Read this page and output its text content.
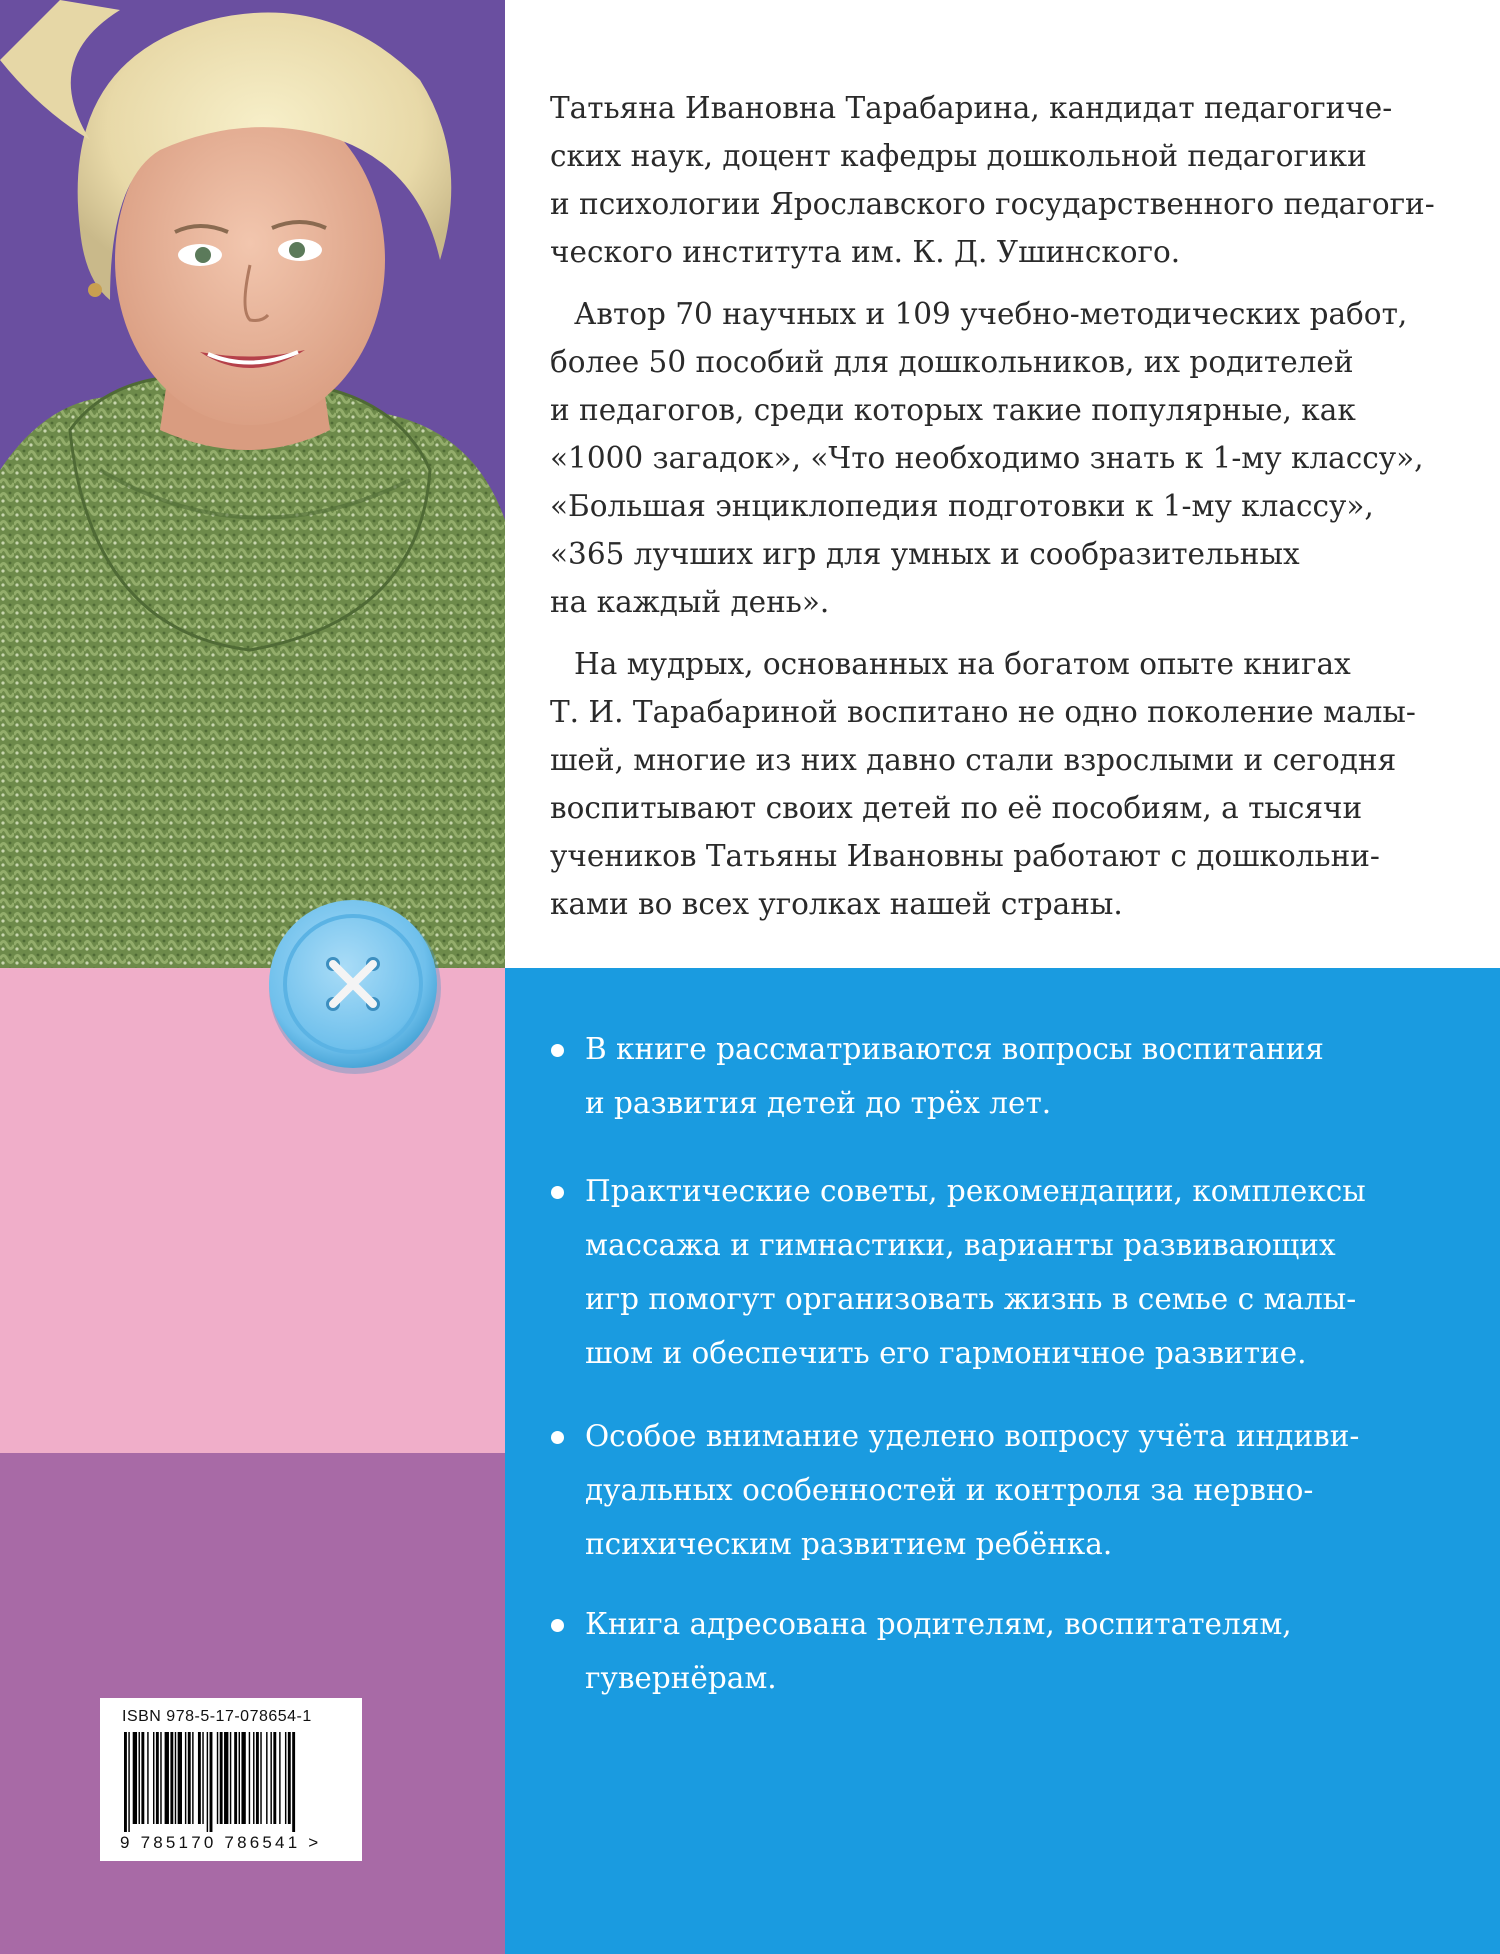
Татьяна Ивановна Тарабарина, кандидат педагогиче-
ских наук, доцент кафедры дошкольной педагогики
и психологии Ярославского государственного педагоги-
ческого института им. К. Д. Ушинского.

Автор 70 научных и 109 учебно-методических работ,
более 50 пособий для дошкольников, их родителей
и педагогов, среди которых такие популярные, как
«1000 загадок», «Что необходимо знать к 1-му классу»,
«Большая энциклопедия подготовки к 1-му классу»,
«365 лучших игр для умных и сообразительных
на каждый день».

На мудрых, основанных на богатом опыте книгах
Т. И. Тарабариной воспитано не одно поколение малы-
шей, многие из них давно стали взрослыми и сегодня
воспитывают своих детей по её пособиям, а тысячи
учеников Татьяны Ивановны работают с дошкольни-
ками во всех уголках нашей страны.

В книге рассматриваются вопросы воспитания
и развития детей до трёх лет.
Практические советы, рекомендации, комплексы
массажа и гимнастики, варианты развивающих
игр помогут организовать жизнь в семье с малы-
шом и обеспечить его гармоничное развитие.
Особое внимание уделено вопросу учёта индиви-
дуальных особенностей и контроля за нервно-
психическим развитием ребёнка.
Книга адресована родителям, воспитателям,
гувернёрам.
ISBN 978-5-17-078654-1
9 785170 786541 >
